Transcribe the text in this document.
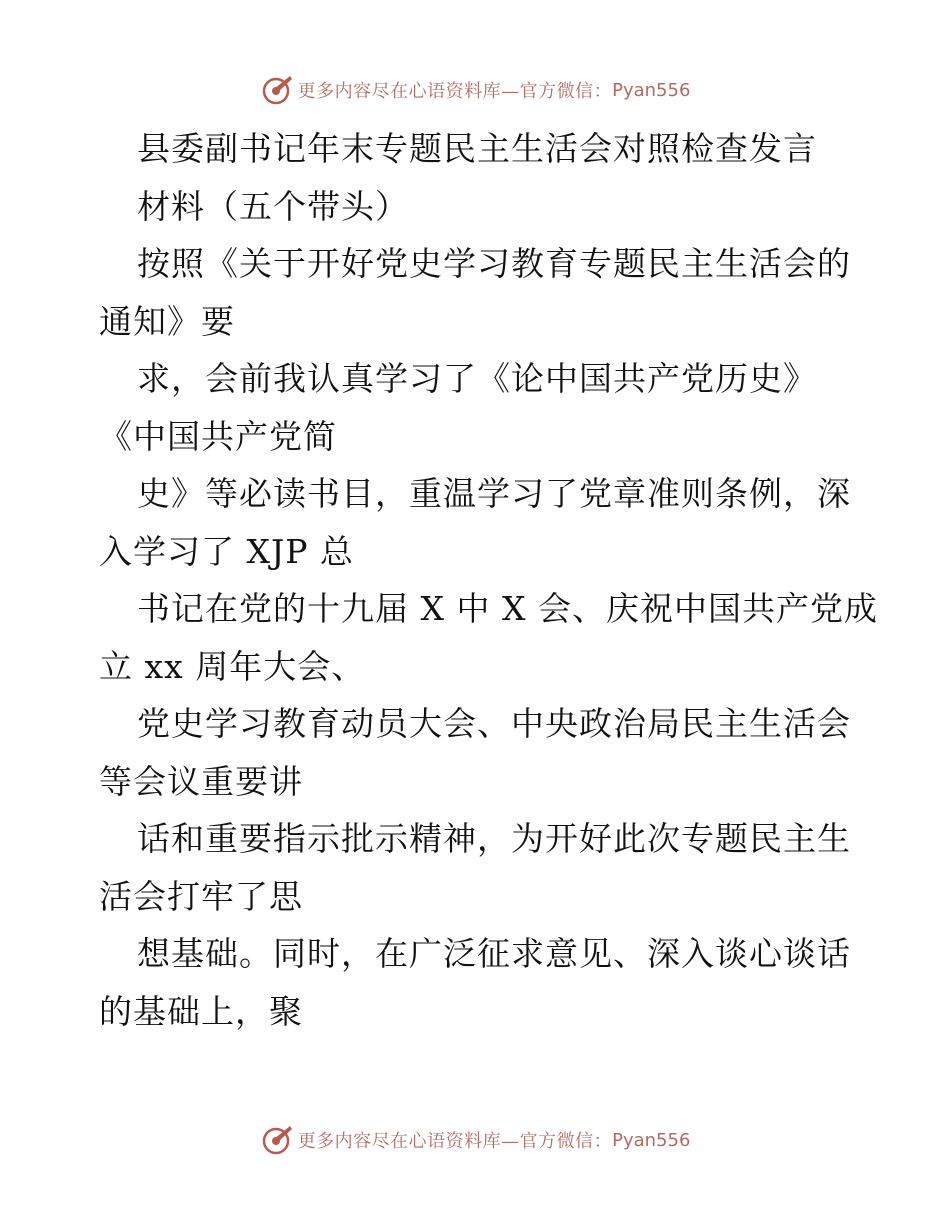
更多内容尽在心语资料库—官方微信： Pyan556
县委副书记年末专题民主生活会对照检查发言
材料（五个带头）
按照《关于开好党史学习教育专题民主生活会的
通知》要
求，会前我认真学习了《论中国共产党历史》
《中国共产党简
史》等必读书目，重温学习了党章准则条例，深
入学习了 XJP 总
书记在党的十九届 X 中 X 会、庆祝中国共产党成
立 xx 周年大会、
党史学习教育动员大会、中央政治局民主生活会
等会议重要讲
话和重要指示批示精神，为开好此次专题民主生
活会打牢了思
想基础。同时，在广泛征求意见、深入谈心谈话
的基础上，聚
更多内容尽在心语资料库—官方微信： Pyan556
